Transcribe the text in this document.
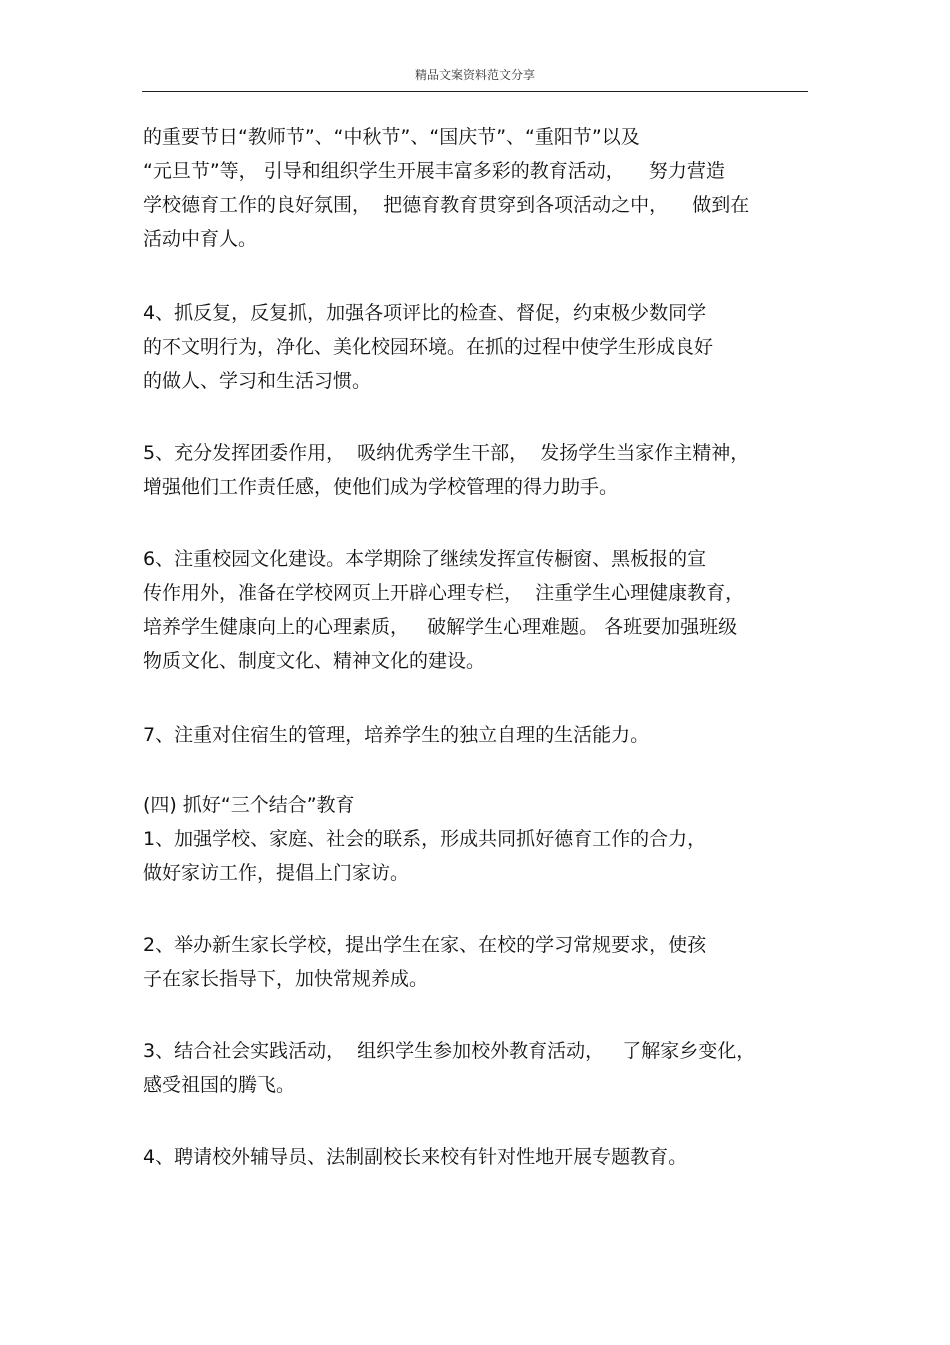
精品文案资料范文分享
的重要节日“教师节”、“中秋节”、“国庆节”、“重阳节”以及
“元旦节”等， 引导和组织学生开展丰富多彩的教育活动，    努力营造
学校德育工作的良好氛围，  把德育教育贯穿到各项活动之中，    做到在
活动中育人。
4、抓反复，反复抓，加强各项评比的检查、督促，约束极少数同学
的不文明行为，净化、美化校园环境。在抓的过程中使学生形成良好
的做人、学习和生活习惯。
5、充分发挥团委作用，  吸纳优秀学生干部，  发扬学生当家作主精神，
增强他们工作责任感，使他们成为学校管理的得力助手。
6、注重校园文化建设。本学期除了继续发挥宣传橱窗、黑板报的宣
传作用外，准备在学校网页上开辟心理专栏，  注重学生心理健康教育，
培养学生健康向上的心理素质，   破解学生心理难题。 各班要加强班级
物质文化、制度文化、精神文化的建设。
7、注重对住宿生的管理，培养学生的独立自理的生活能力。
(四) 抓好“三个结合”教育
1、加强学校、家庭、社会的联系，形成共同抓好德育工作的合力，
做好家访工作，提倡上门家访。
2、举办新生家长学校，提出学生在家、在校的学习常规要求，使孩
子在家长指导下，加快常规养成。
3、结合社会实践活动，  组织学生参加校外教育活动，   了解家乡变化，
感受祖国的腾飞。
4、聘请校外辅导员、法制副校长来校有针对性地开展专题教育。
